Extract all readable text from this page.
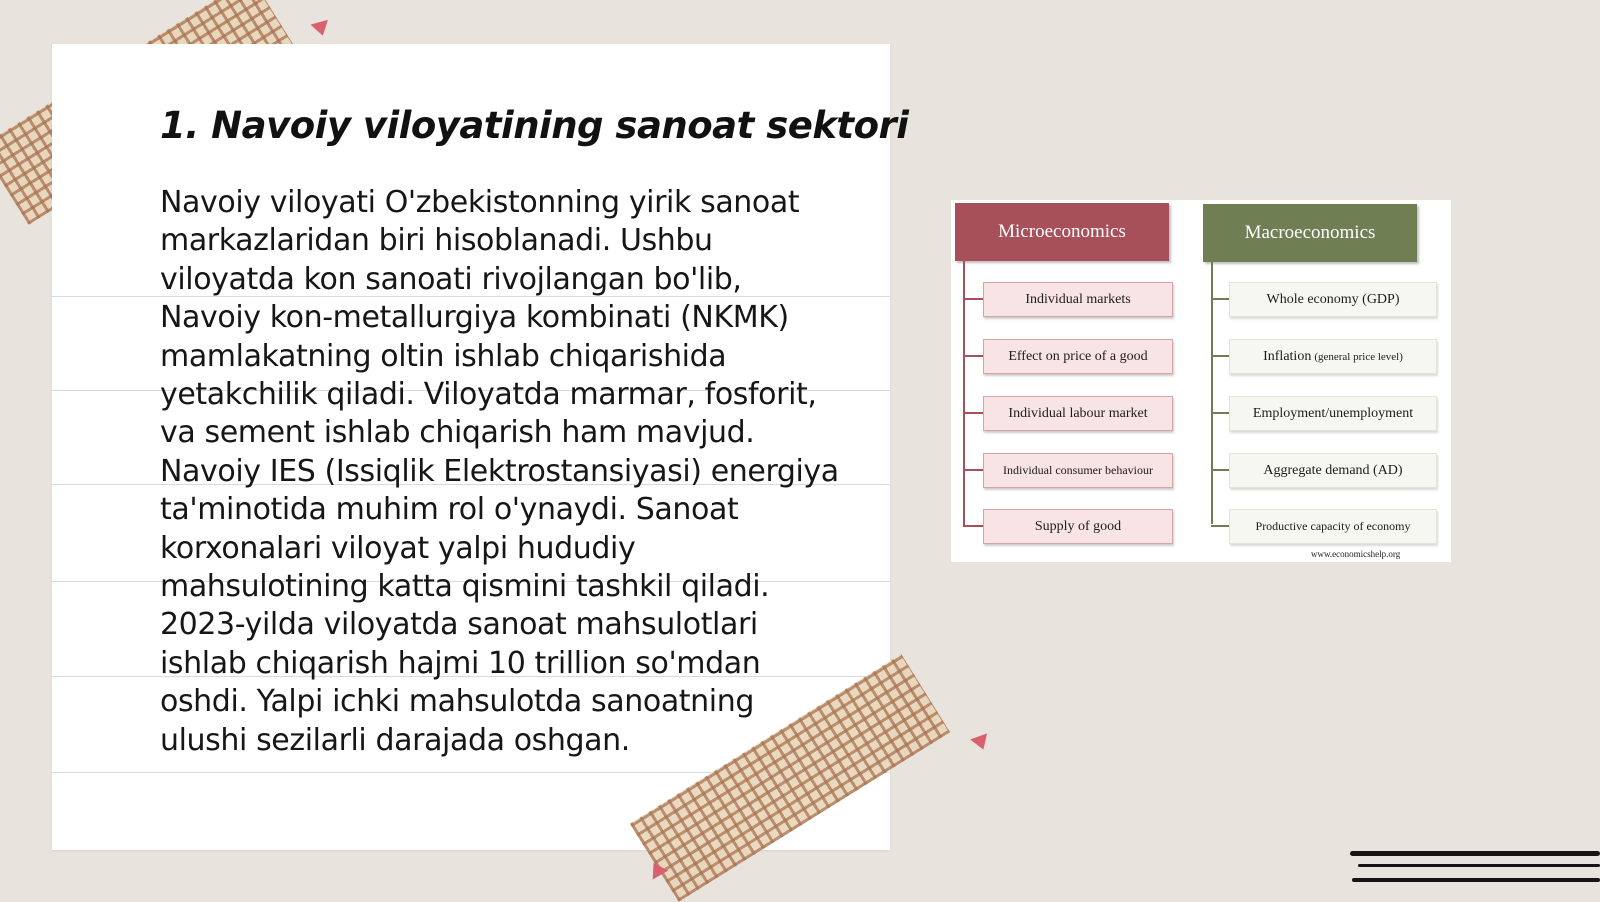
1. Navoiy viloyatining sanoat sektori
Navoiy viloyati O'zbekistonning yirik sanoat markazlaridan biri hisoblanadi. Ushbu viloyatda kon sanoati rivojlangan bo'lib, Navoiy kon-metallurgiya kombinati (NKMK) mamlakatning oltin ishlab chiqarishida yetakchilik qiladi. Viloyatda marmar, fosforit, va sement ishlab chiqarish ham mavjud. Navoiy IES (Issiqlik Elektrostansiyasi) energiya ta'minotida muhim rol o'ynaydi. Sanoat korxonalari viloyat yalpi hududiy mahsulotining katta qismini tashkil qiladi. 2023-yilda viloyatda sanoat mahsulotlari ishlab chiqarish hajmi 10 trillion so'mdan oshdi. Yalpi ichki mahsulotda sanoatning ulushi sezilarli darajada oshgan.
Microeconomics	Macroeconomics
Individual markets
Effect on price of a good
Individual labour market
Individual consumer behaviour
Supply of good
Whole economy (GDP)
Inflation (general price level)
Employment/unemployment
Aggregate demand (AD)
Productive capacity of economy
www.economicshelp.org
